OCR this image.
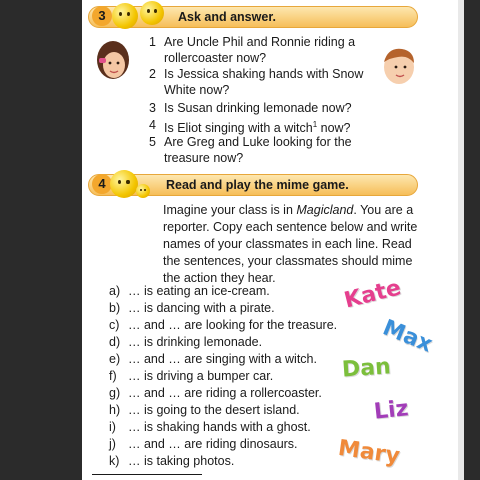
3	Ask and answer.
1 Are Uncle Phil and Ronnie riding a
rollercoaster now?
2 Is Jessica shaking hands with Snow
White now?
3 Is Susan drinking lemonade now?
4 Is Eliot singing with a witch$^1$ now?
5 Are Greg and Luke looking for the
treasure now?
4	Read and play the mime game.
Imagine your class is in Magicland. You are a reporter. Copy each sentence below and write names of your classmates in each line. Read the sentences, your classmates should mime the action they hear.
a) … is eating an ice-cream.
b) … is dancing with a pirate.
c) … and … are looking for the treasure.
d) … is drinking lemonade.
e) … and … are singing with a witch.
f) … is driving a bumper car.
g) … and … are riding a rollercoaster.
h) … is going to the desert island.
i) … is shaking hands with a ghost.
j) … and … are riding dinosaurs.
k) … is taking photos.
Kate
Max
Dan
Liz
Mary
